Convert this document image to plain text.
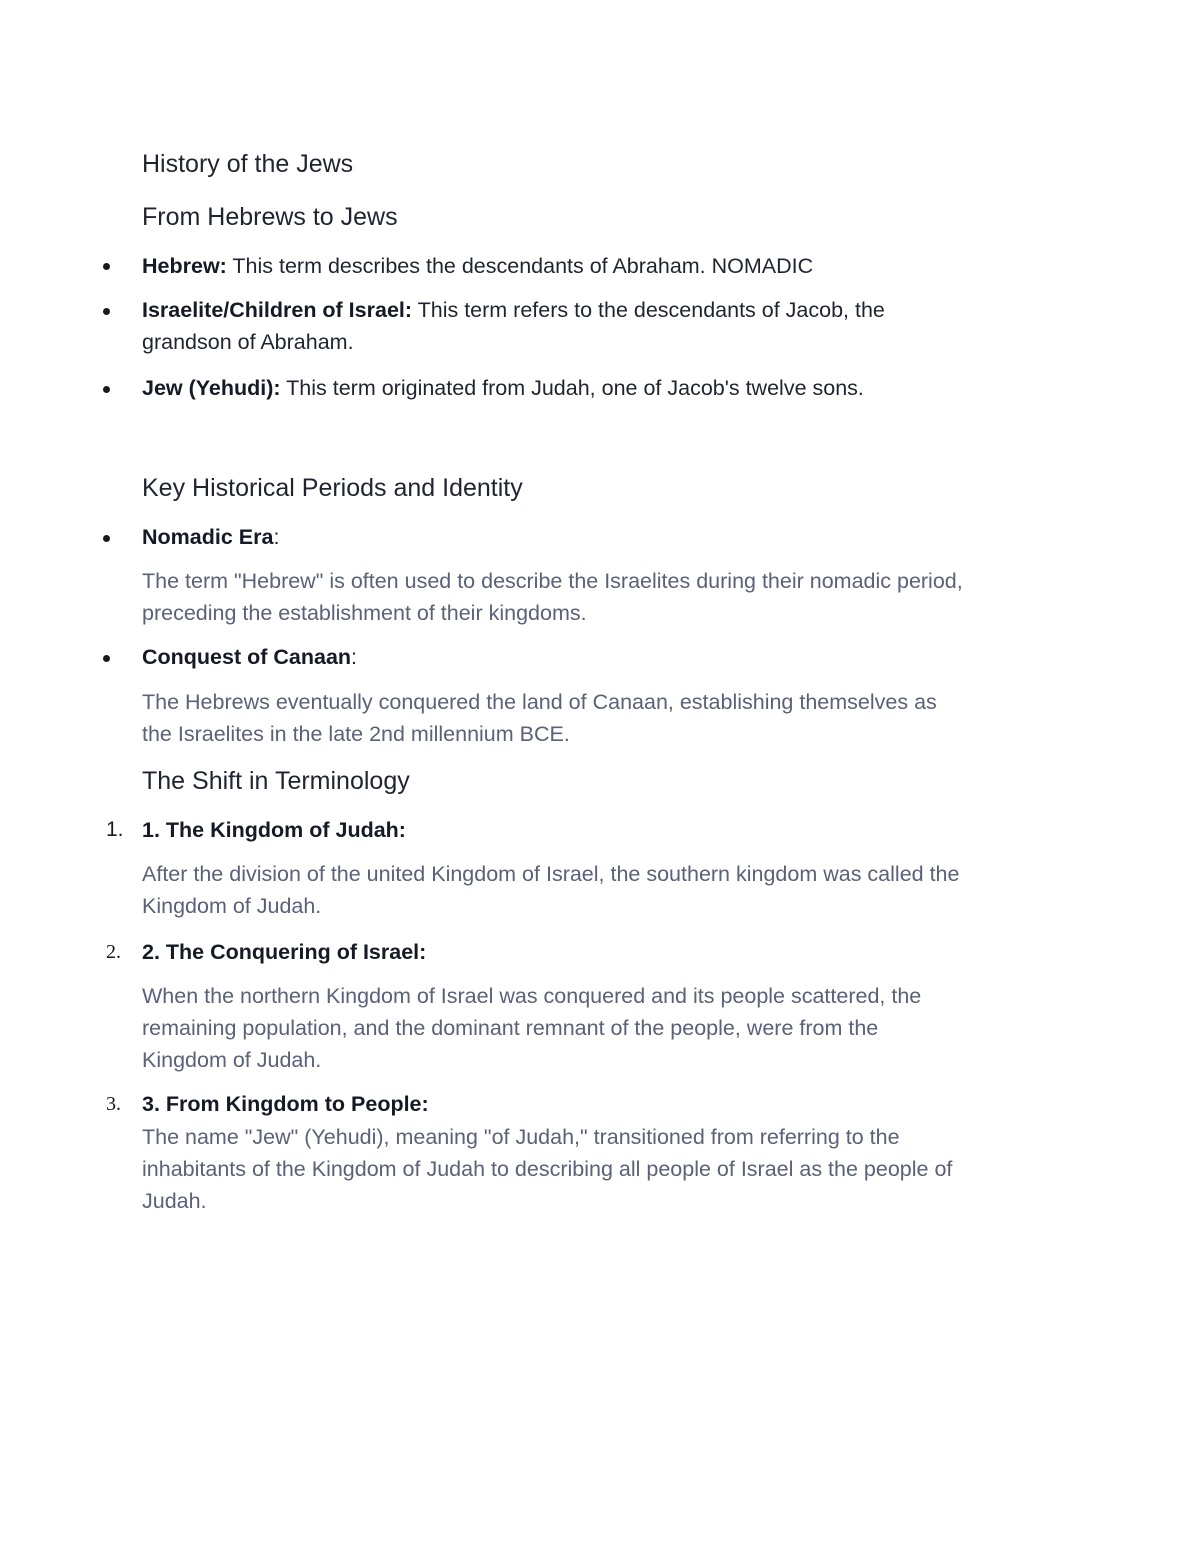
History of the Jews
From Hebrews to Jews
Hebrew: This term describes the descendants of Abraham. NOMADIC
Israelite/Children of Israel: This term refers to the descendants of Jacob, the
grandson of Abraham.
Jew (Yehudi): This term originated from Judah, one of Jacob's twelve sons.
Key Historical Periods and Identity
Nomadic Era:
The term "Hebrew" is often used to describe the Israelites during their nomadic period,
preceding the establishment of their kingdoms.
Conquest of Canaan:
The Hebrews eventually conquered the land of Canaan, establishing themselves as
the Israelites in the late 2nd millennium BCE.
The Shift in Terminology
1. 1. The Kingdom of Judah:
After the division of the united Kingdom of Israel, the southern kingdom was called the
Kingdom of Judah.
2. 2. The Conquering of Israel:
When the northern Kingdom of Israel was conquered and its people scattered, the
remaining population, and the dominant remnant of the people, were from the
Kingdom of Judah.
3. 3. From Kingdom to People:
The name "Jew" (Yehudi), meaning "of Judah," transitioned from referring to the
inhabitants of the Kingdom of Judah to describing all people of Israel as the people of
Judah.
